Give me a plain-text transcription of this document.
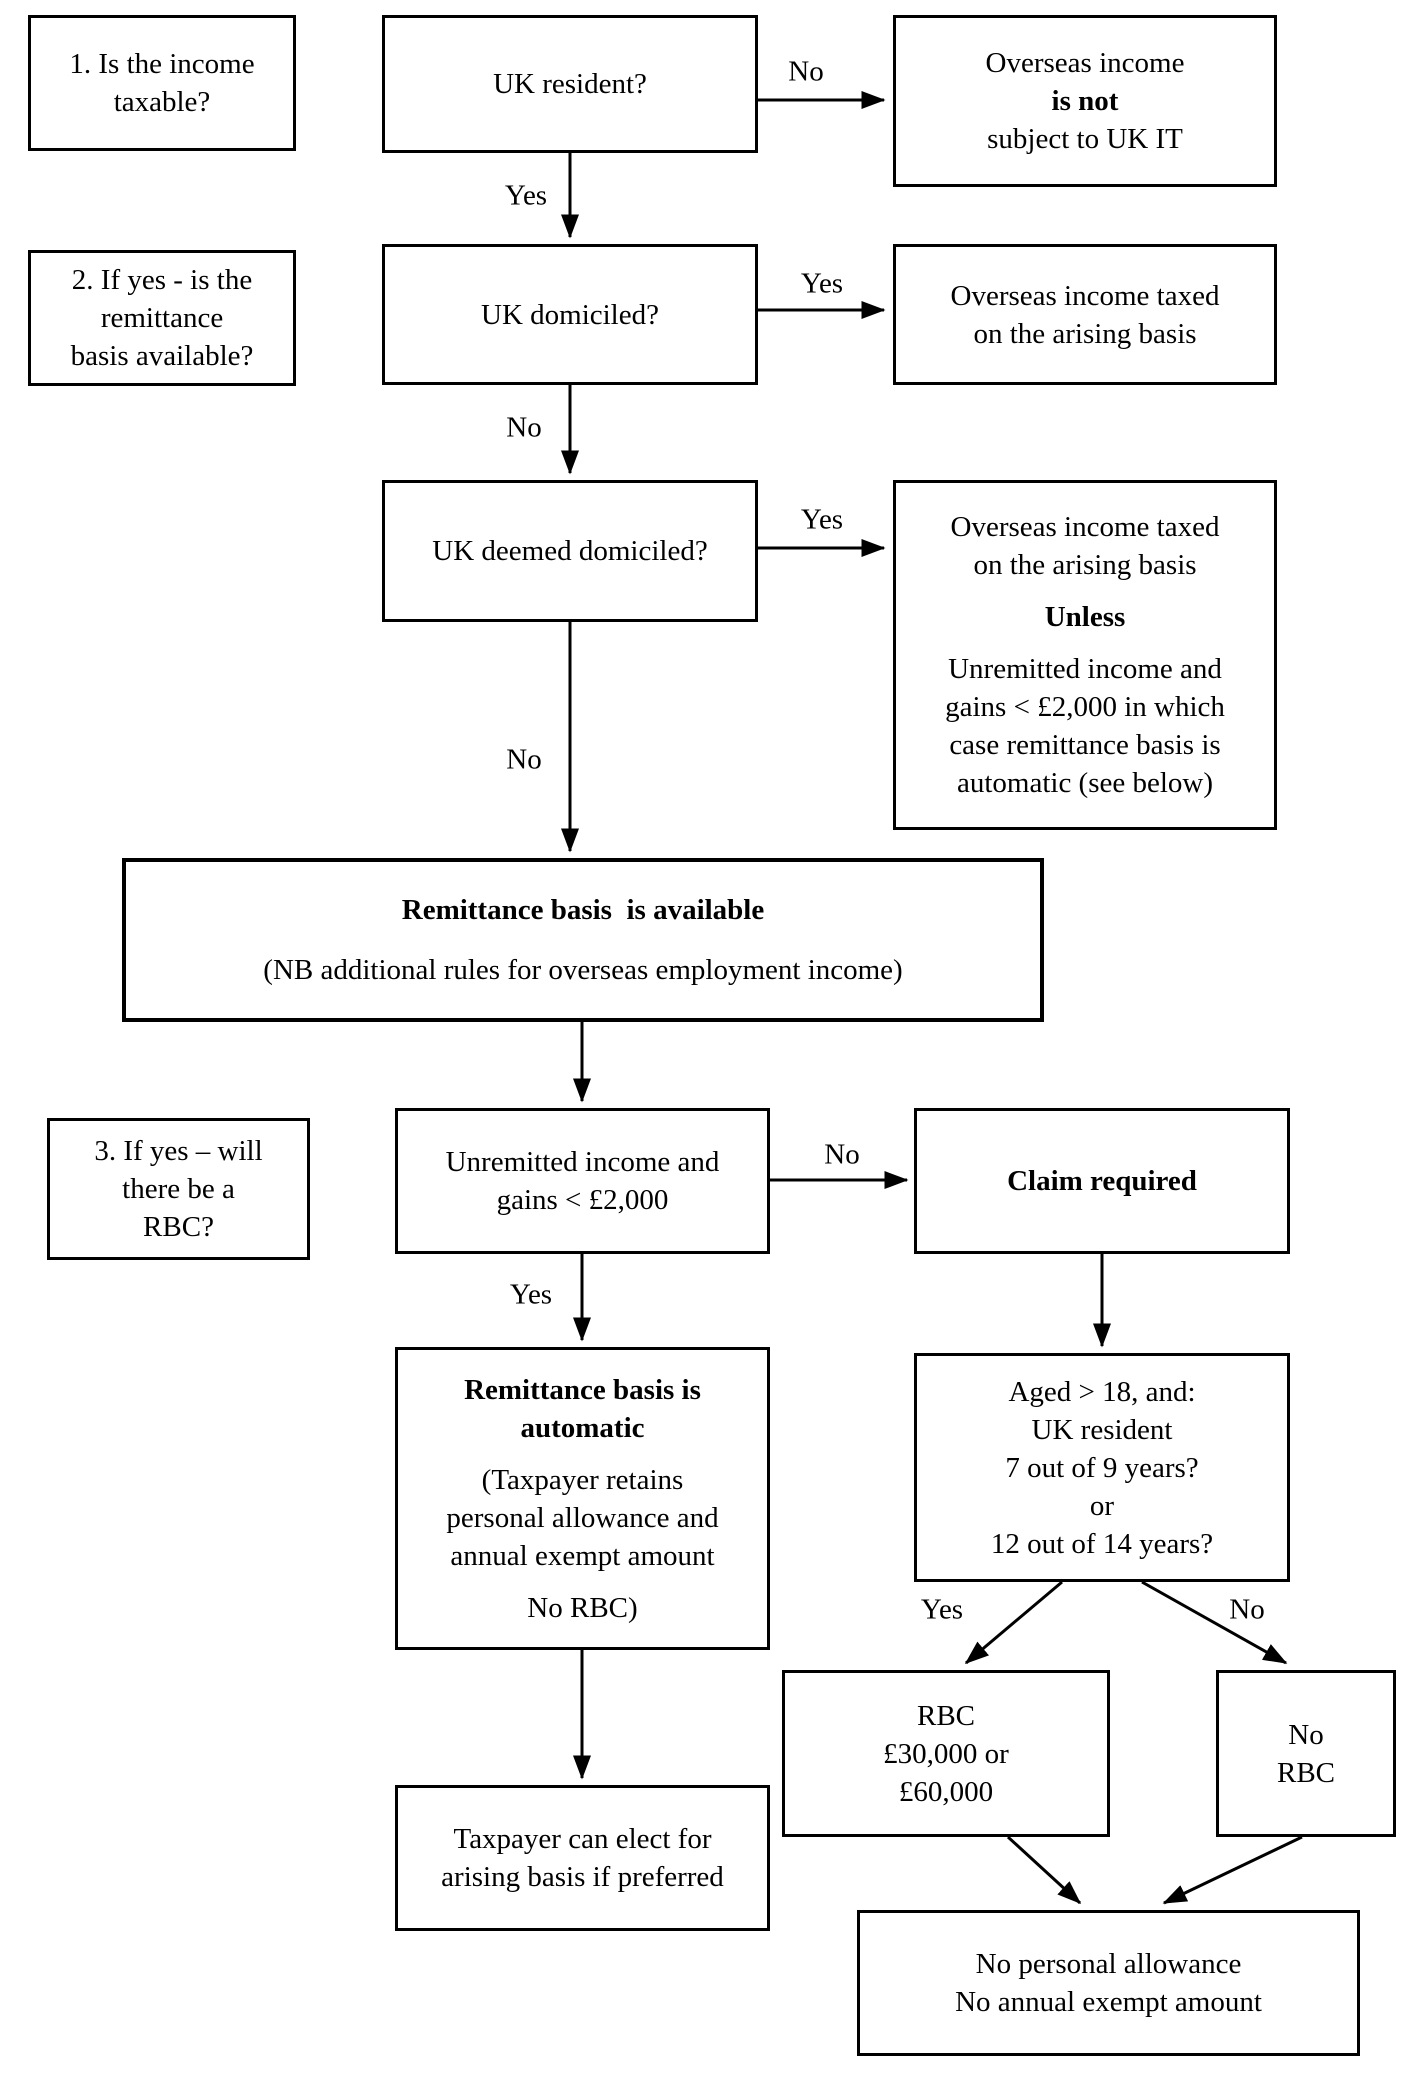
1. Is the income
taxable?
2. If yes - is the
remittance
basis available?
3. If yes – will
there be a
RBC?
UK resident?
UK domiciled?
UK deemed domiciled?
Overseas income
is not
subject to UK IT
Overseas income taxed
on the arising basis
Overseas income taxed
on the arising basis
Unless
Unremitted income and
gains < £2,000 in which
case remittance basis is
automatic (see below)
Remittance basis  is available
(NB additional rules for overseas employment income)
Unremitted income and
gains < £2,000
Claim required
Aged > 18, and:
UK resident
7 out of 9 years?
or
12 out of 14 years?
Remittance basis is
automatic
(Taxpayer retains
personal allowance and
annual exempt amount
No RBC)
Taxpayer can elect for
arising basis if preferred
RBC
£30,000 or
£60,000
No
RBC
No personal allowance
No annual exempt amount
No
Yes
Yes
No
Yes
No
No
Yes
Yes	No
